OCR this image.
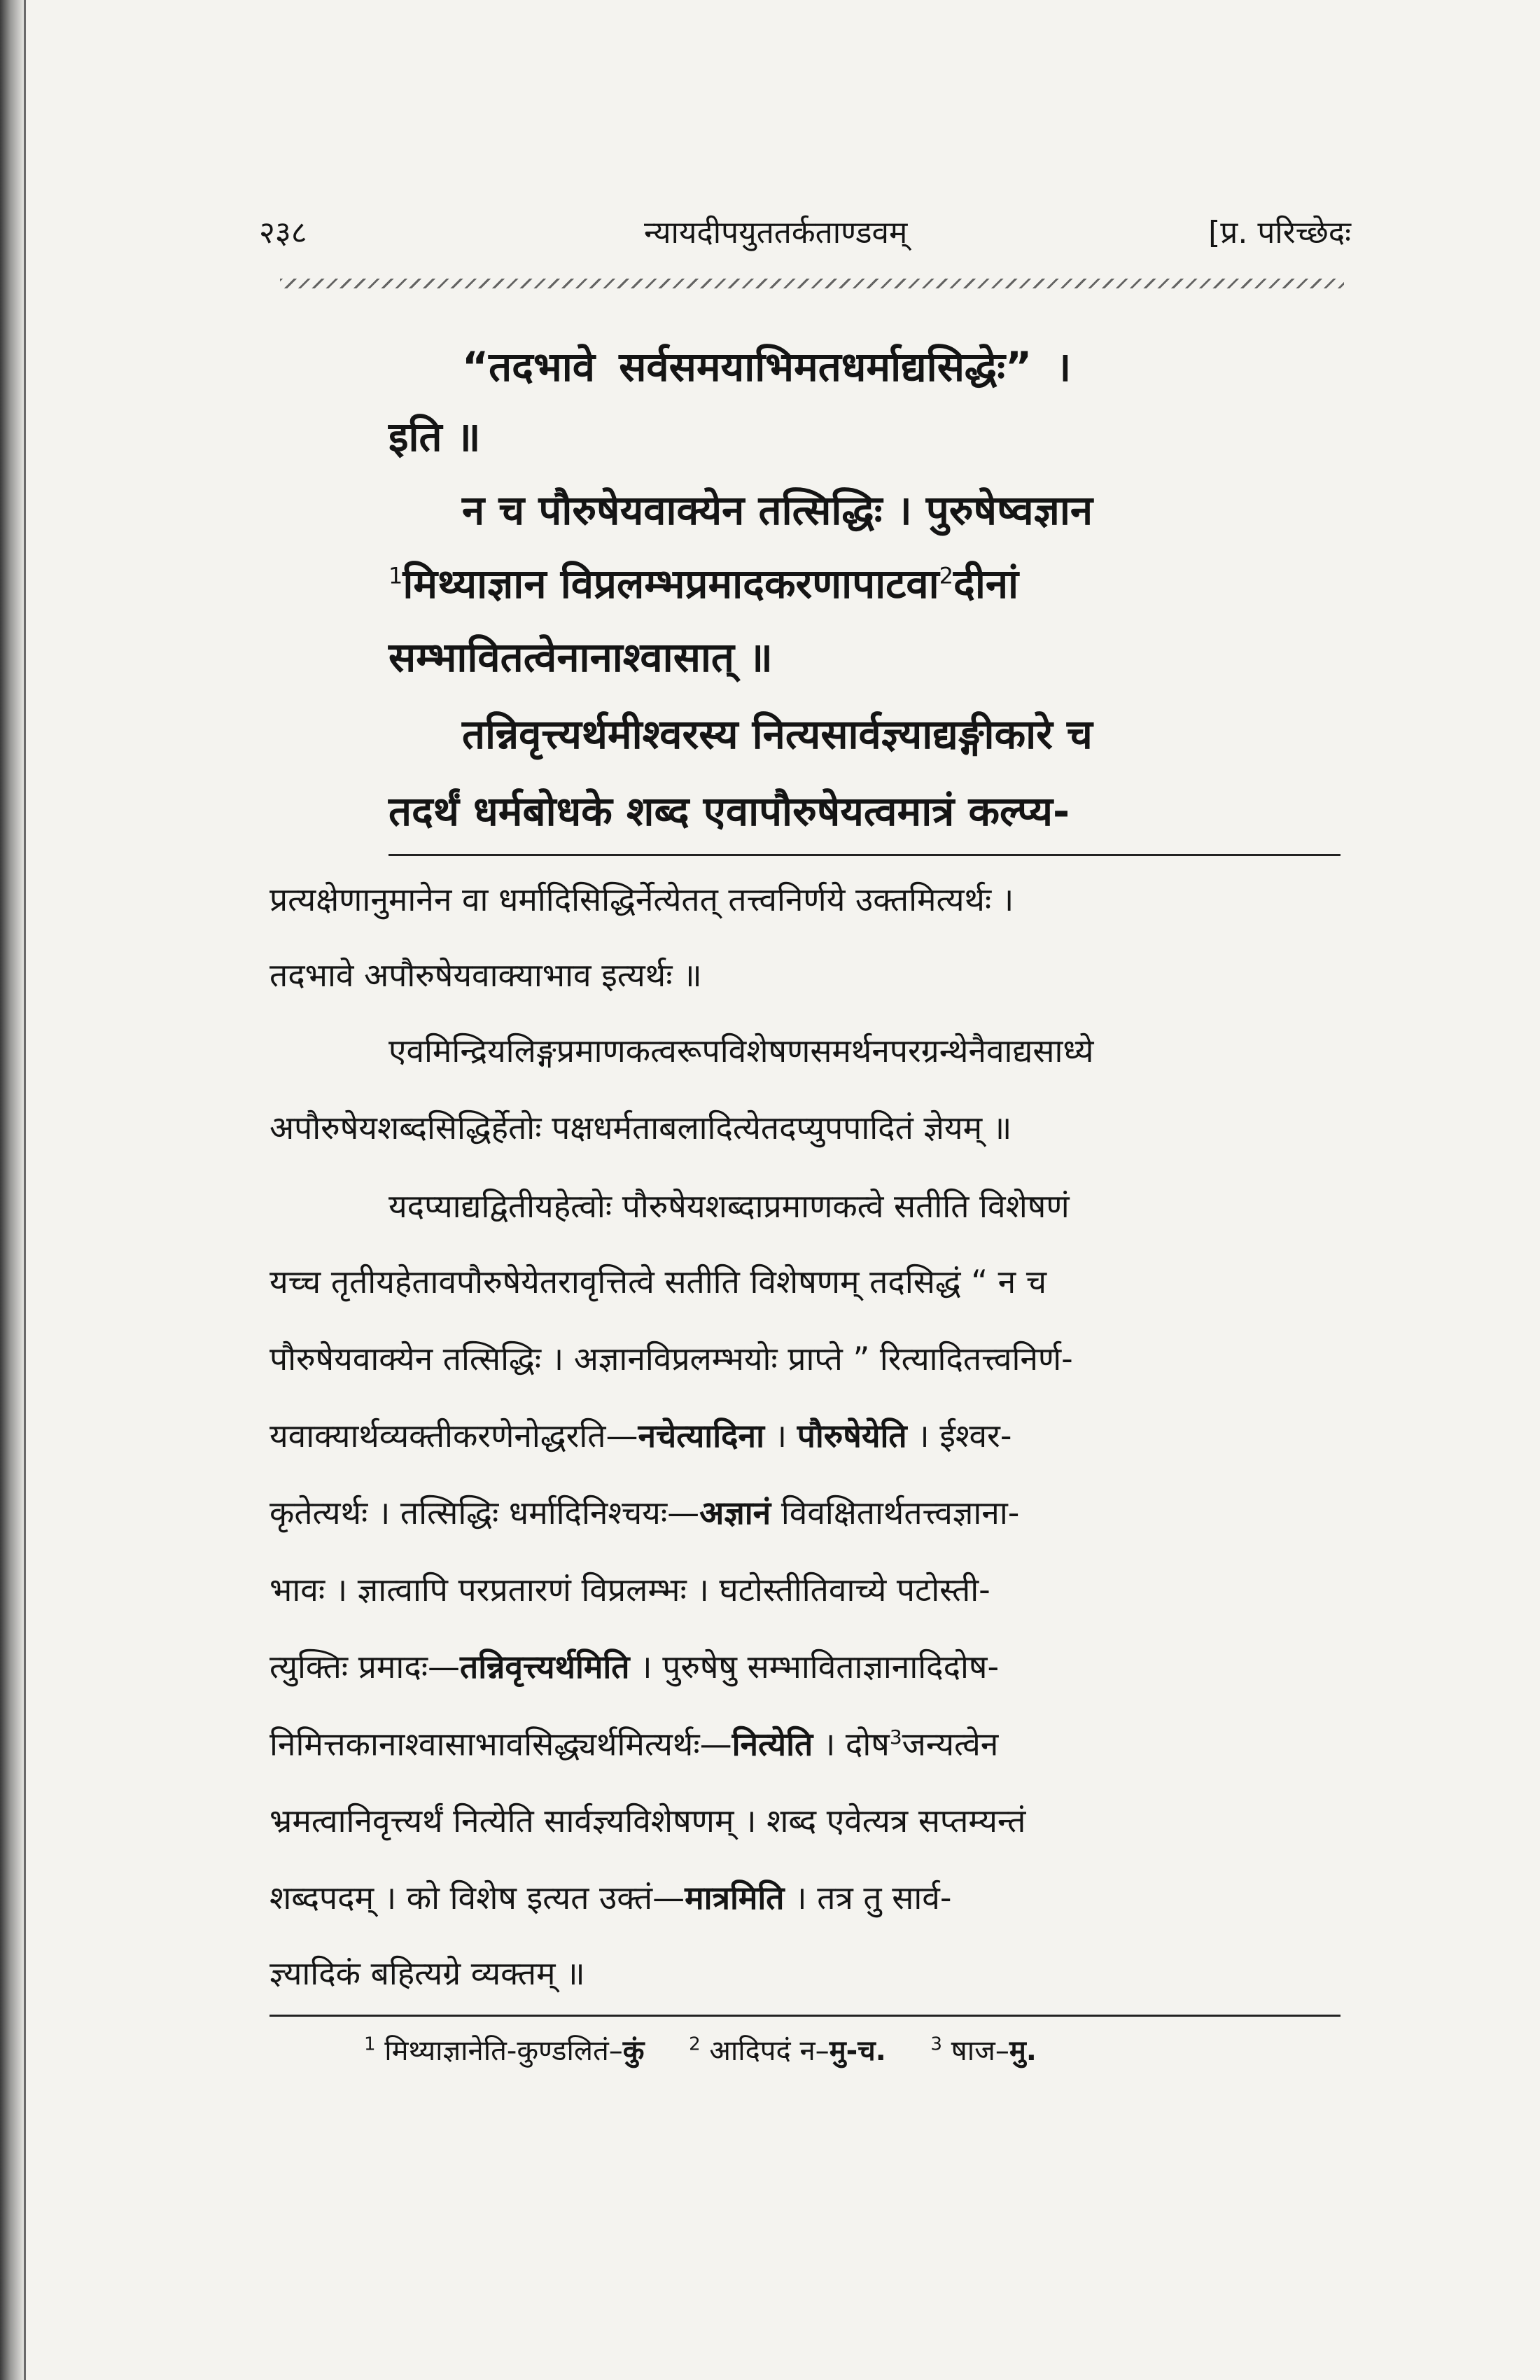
२३८	न्यायदीपयुततर्कताण्डवम्	[प्र. परिच्छेदः
“तदभावे सर्वसमयाभिमतधर्माद्यसिद्धेः” ।
इति ॥
न च पौरुषेयवाक्येन तत्सिद्धिः । पुरुषेष्वज्ञान
$^1$मिथ्याज्ञान विप्रलम्भप्रमादकरणापाटवा$^2$दीनां
सम्भावितत्वेनानाश्वासात् ॥
तन्निवृत्त्यर्थमीश्वरस्य नित्यसार्वज्ञ्याद्यङ्गीकारे च
तदर्थं धर्मबोधके शब्द एवापौरुषेयत्वमात्रं कल्प्य-
प्रत्यक्षेणानुमानेन वा धर्मादिसिद्धिर्नेत्येतत् तत्त्वनिर्णये उक्तमित्यर्थः ।
तदभावे अपौरुषेयवाक्याभाव इत्यर्थः ॥
एवमिन्द्रियलिङ्गप्रमाणकत्वरूपविशेषणसमर्थनपरग्रन्थेनैवाद्यसाध्ये
अपौरुषेयशब्दसिद्धिर्हेतोः पक्षधर्मताबलादित्येतदप्युपपादितं ज्ञेयम् ॥
यदप्याद्यद्वितीयहेत्वोः पौरुषेयशब्दाप्रमाणकत्वे सतीति विशेषणं
यच्च तृतीयहेतावपौरुषेयेतरावृत्तित्वे सतीति विशेषणम् तदसिद्धं “ न च
पौरुषेयवाक्येन तत्सिद्धिः । अज्ञानविप्रलम्भयोः प्राप्ते ” रित्यादितत्त्वनिर्ण-
यवाक्यार्थव्यक्तीकरणेनोद्धरति—नचेत्यादिना । पौरुषेयेति । ईश्वर-
कृतेत्यर्थः । तत्सिद्धिः धर्मादिनिश्चयः—अज्ञानं विवक्षितार्थतत्त्वज्ञाना-
भावः । ज्ञात्वापि परप्रतारणं विप्रलम्भः । घटोस्तीतिवाच्ये पटोस्ती-
त्युक्तिः प्रमादः—तन्निवृत्त्यर्थमिति । पुरुषेषु सम्भाविताज्ञानादिदोष-
निमित्तकानाश्वासाभावसिद्ध्यर्थमित्यर्थः—नित्येति । दोष$^3$जन्यत्वेन
भ्रमत्वानिवृत्त्यर्थं नित्येति सार्वज्ञ्यविशेषणम् । शब्द एवेत्यत्र सप्तम्यन्तं
शब्दपदम् । को विशेष इत्यत उक्तं—मात्रमिति । तत्र तु सार्व-
ज्ञ्यादिकं बहित्यग्रे व्यक्तम् ॥
$^1$ मिथ्याज्ञानेति-कुण्डलितं–कुं $^2$ आदिपदं न–मु-च. $^3$ षाज–मु.
